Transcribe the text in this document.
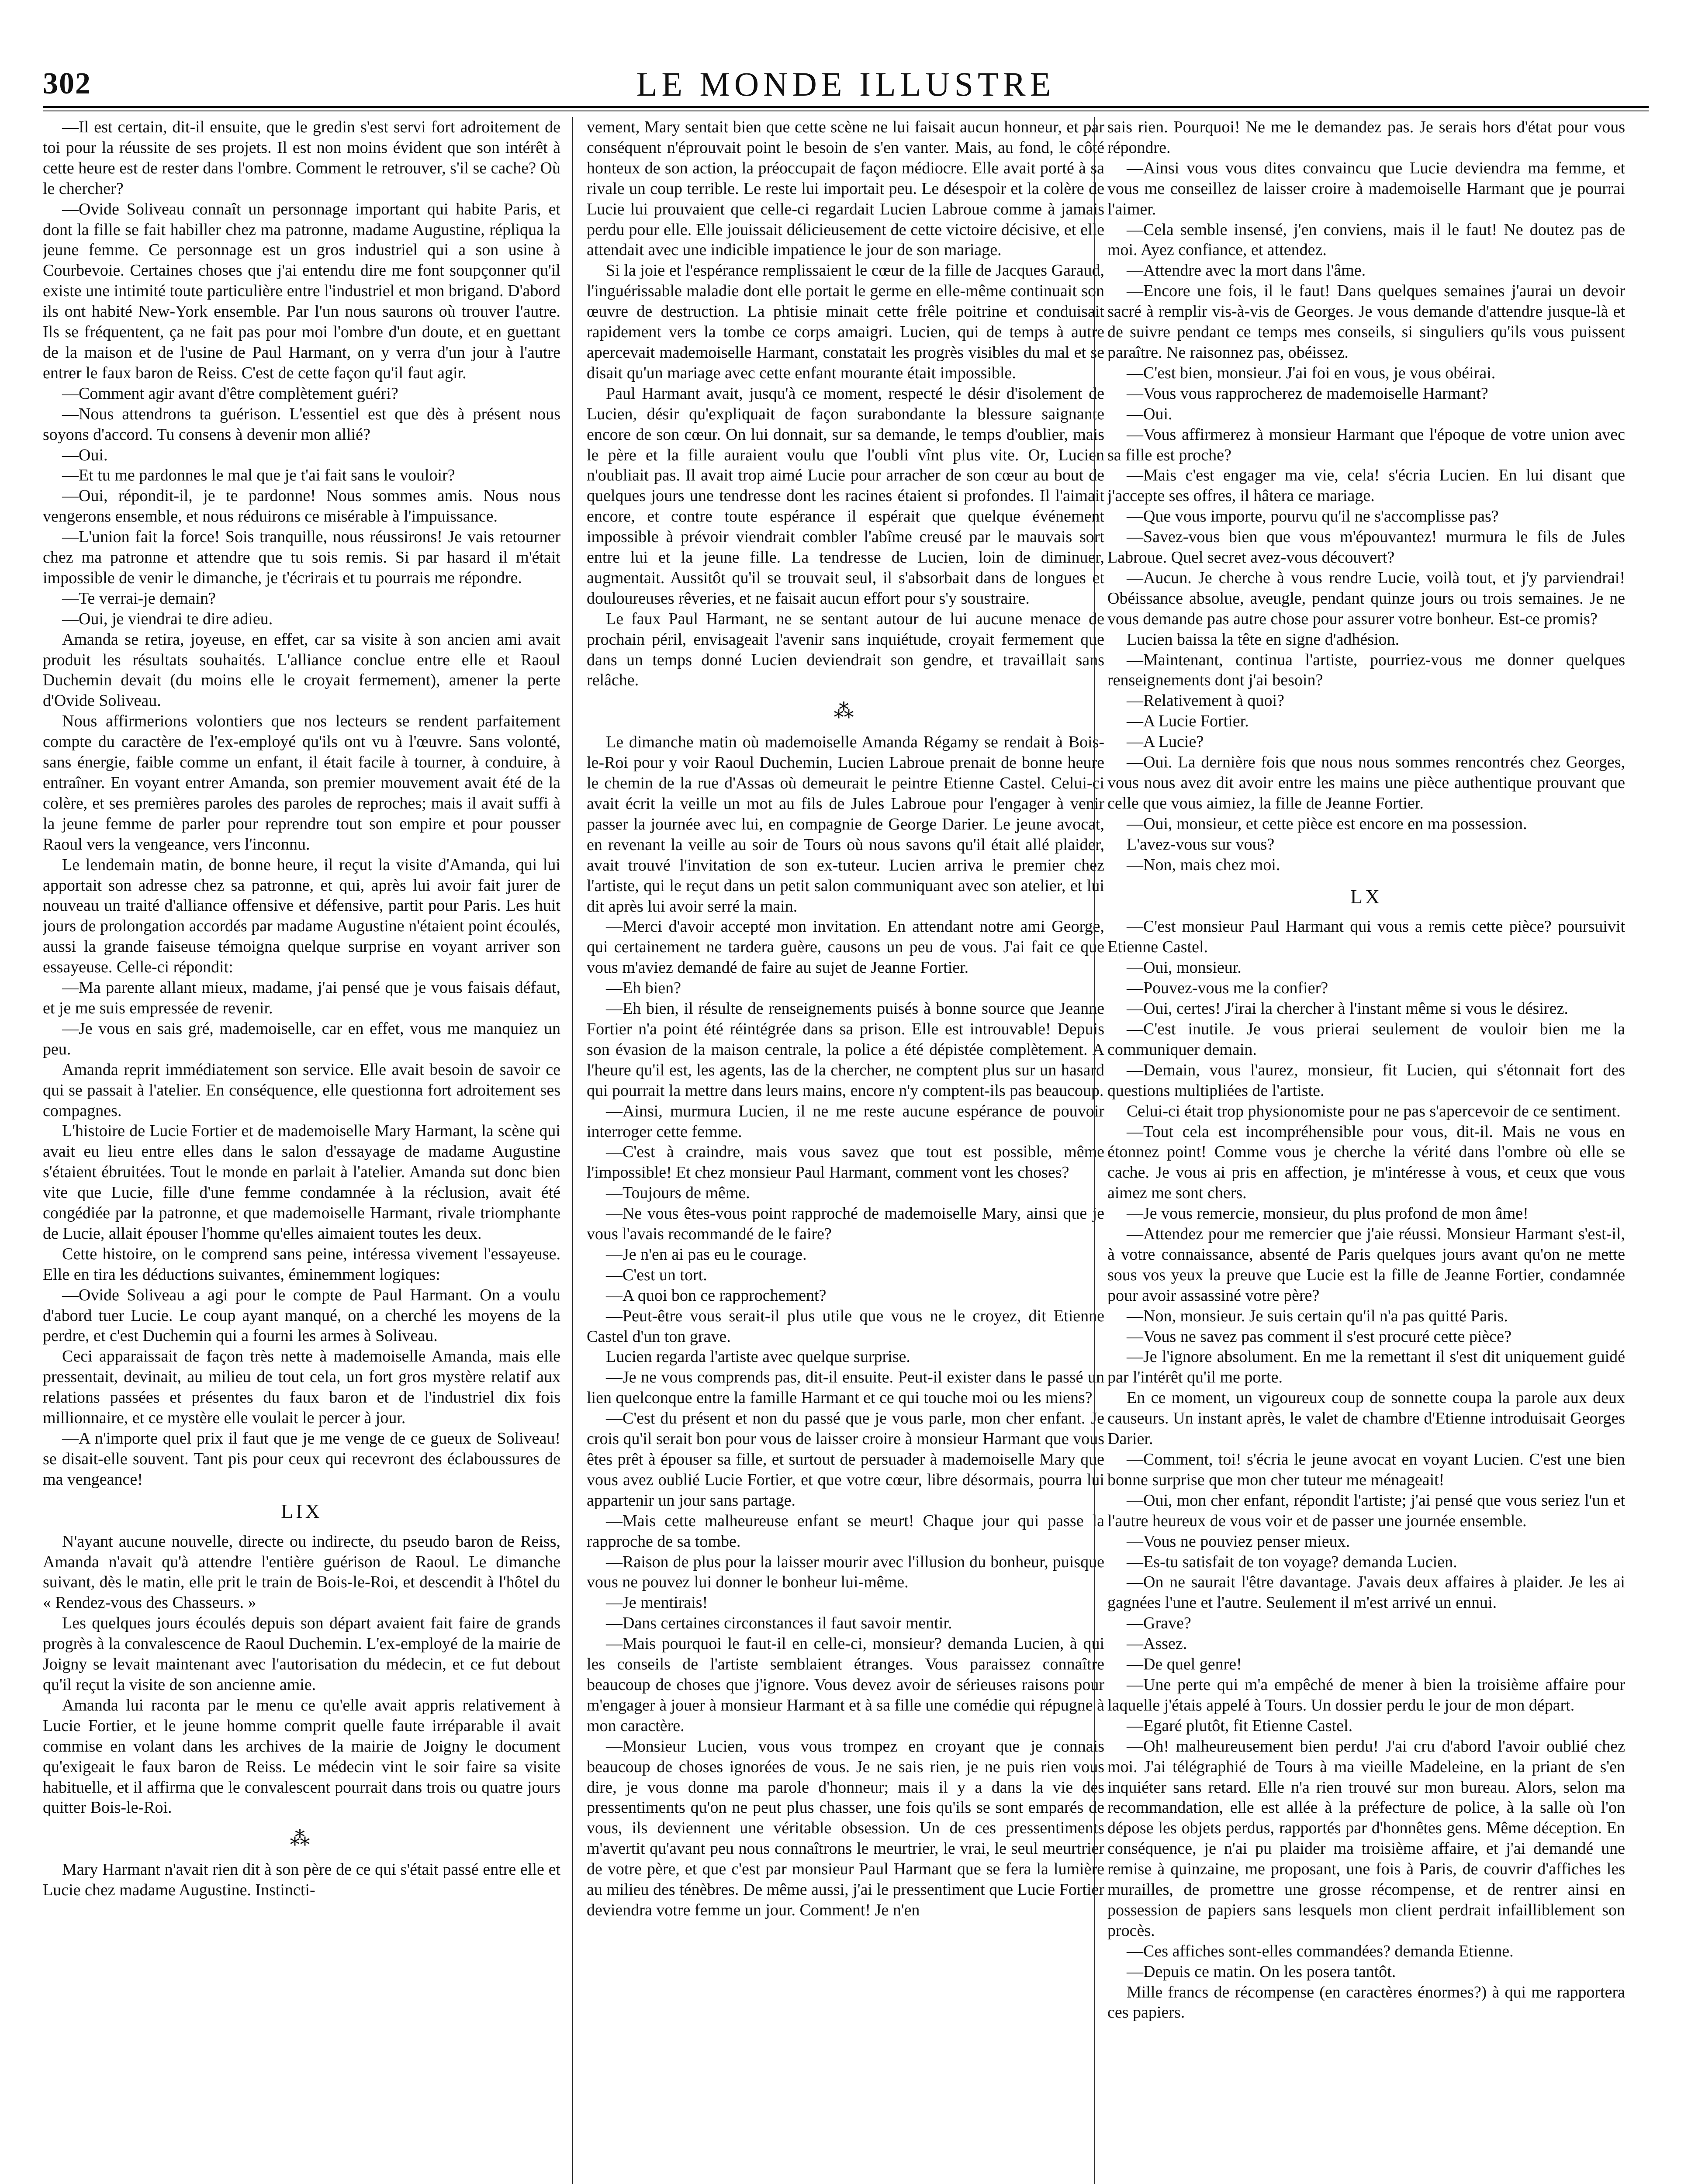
302	LE MONDE ILLUSTRE

—Il est certain, dit-il ensuite, que le gredin s'est servi fort adroitement de toi pour la réussite de ses projets. Il est non moins évident que son intérêt à cette heure est de rester dans l'ombre. Comment le retrouver, s'il se cache? Où le chercher?

—Ovide Soliveau connaît un personnage important qui habite Paris, et dont la fille se fait habiller chez ma patronne, madame Augustine, répliqua la jeune femme. Ce personnage est un gros industriel qui a son usine à Courbevoie. Certaines choses que j'ai entendu dire me font soupçonner qu'il existe une intimité toute particulière entre l'industriel et mon brigand. D'abord ils ont habité New-York ensemble. Par l'un nous saurons où trouver l'autre. Ils se fréquentent, ça ne fait pas pour moi l'ombre d'un doute, et en guettant de la maison et de l'usine de Paul Harmant, on y verra d'un jour à l'autre entrer le faux baron de Reiss. C'est de cette façon qu'il faut agir.

—Comment agir avant d'être complètement guéri?

—Nous attendrons ta guérison. L'essentiel est que dès à présent nous soyons d'accord. Tu consens à devenir mon allié?

—Oui.

—Et tu me pardonnes le mal que je t'ai fait sans le vouloir?

—Oui, répondit-il, je te pardonne! Nous sommes amis. Nous nous vengerons ensemble, et nous réduirons ce misérable à l'impuissance.

—L'union fait la force! Sois tranquille, nous réussirons! Je vais retourner chez ma patronne et attendre que tu sois remis. Si par hasard il m'était impossible de venir le dimanche, je t'écrirais et tu pourrais me répondre.

—Te verrai-je demain?

—Oui, je viendrai te dire adieu.

Amanda se retira, joyeuse, en effet, car sa visite à son ancien ami avait produit les résultats souhaités. L'alliance conclue entre elle et Raoul Duchemin devait (du moins elle le croyait fermement), amener la perte d'Ovide Soliveau.

Nous affirmerions volontiers que nos lecteurs se rendent parfaitement compte du caractère de l'ex-employé qu'ils ont vu à l'œuvre. Sans volonté, sans énergie, faible comme un enfant, il était facile à tourner, à conduire, à entraîner. En voyant entrer Amanda, son premier mouvement avait été de la colère, et ses premières paroles des paroles de reproches; mais il avait suffi à la jeune femme de parler pour reprendre tout son empire et pour pousser Raoul vers la vengeance, vers l'inconnu.

Le lendemain matin, de bonne heure, il reçut la visite d'Amanda, qui lui apportait son adresse chez sa patronne, et qui, après lui avoir fait jurer de nouveau un traité d'alliance offensive et défensive, partit pour Paris. Les huit jours de prolongation accordés par madame Augustine n'étaient point écoulés, aussi la grande faiseuse témoigna quelque surprise en voyant arriver son essayeuse. Celle-ci répondit:

—Ma parente allant mieux, madame, j'ai pensé que je vous faisais défaut, et je me suis empressée de revenir.

—Je vous en sais gré, mademoiselle, car en effet, vous me manquiez un peu.

Amanda reprit immédiatement son service. Elle avait besoin de savoir ce qui se passait à l'atelier. En conséquence, elle questionna fort adroitement ses compagnes.

L'histoire de Lucie Fortier et de mademoiselle Mary Harmant, la scène qui avait eu lieu entre elles dans le salon d'essayage de madame Augustine s'étaient ébruitées. Tout le monde en parlait à l'atelier. Amanda sut donc bien vite que Lucie, fille d'une femme condamnée à la réclusion, avait été congédiée par la patronne, et que mademoiselle Harmant, rivale triomphante de Lucie, allait épouser l'homme qu'elles aimaient toutes les deux.

Cette histoire, on le comprend sans peine, intéressa vivement l'essayeuse. Elle en tira les déductions suivantes, éminemment logiques:

—Ovide Soliveau a agi pour le compte de Paul Harmant. On a voulu d'abord tuer Lucie. Le coup ayant manqué, on a cherché les moyens de la perdre, et c'est Duchemin qui a fourni les armes à Soliveau.

Ceci apparaissait de façon très nette à mademoiselle Amanda, mais elle pressentait, devinait, au milieu de tout cela, un fort gros mystère relatif aux relations passées et présentes du faux baron et de l'industriel dix fois millionnaire, et ce mystère elle voulait le percer à jour.

—A n'importe quel prix il faut que je me venge de ce gueux de Soliveau! se disait-elle souvent. Tant pis pour ceux qui recevront des éclaboussures de ma vengeance!

LIX

N'ayant aucune nouvelle, directe ou indirecte, du pseudo baron de Reiss, Amanda n'avait qu'à attendre l'entière guérison de Raoul. Le dimanche suivant, dès le matin, elle prit le train de Bois-le-Roi, et descendit à l'hôtel du « Rendez-vous des Chasseurs. »

Les quelques jours écoulés depuis son départ avaient fait faire de grands progrès à la convalescence de Raoul Duchemin. L'ex-employé de la mairie de Joigny se levait maintenant avec l'autorisation du médecin, et ce fut debout qu'il reçut la visite de son ancienne amie.

Amanda lui raconta par le menu ce qu'elle avait appris relativement à Lucie Fortier, et le jeune homme comprit quelle faute irréparable il avait commise en volant dans les archives de la mairie de Joigny le document qu'exigeait le faux baron de Reiss. Le médecin vint le soir faire sa visite habituelle, et il affirma que le convalescent pourrait dans trois ou quatre jours quitter Bois-le-Roi.

⁂

Mary Harmant n'avait rien dit à son père de ce qui s'était passé entre elle et Lucie chez madame Augustine. Instincti-

vement, Mary sentait bien que cette scène ne lui faisait aucun honneur, et par conséquent n'éprouvait point le besoin de s'en vanter. Mais, au fond, le côté honteux de son action, la préoccupait de façon médiocre. Elle avait porté à sa rivale un coup terrible. Le reste lui importait peu. Le désespoir et la colère de Lucie lui prouvaient que celle-ci regardait Lucien Labroue comme à jamais perdu pour elle. Elle jouissait délicieusement de cette victoire décisive, et elle attendait avec une indicible impatience le jour de son mariage.

Si la joie et l'espérance remplissaient le cœur de la fille de Jacques Garaud, l'inguérissable maladie dont elle portait le germe en elle-même continuait son œuvre de destruction. La phtisie minait cette frêle poitrine et conduisait rapidement vers la tombe ce corps amaigri. Lucien, qui de temps à autre apercevait mademoiselle Harmant, constatait les progrès visibles du mal et se disait qu'un mariage avec cette enfant mourante était impossible.

Paul Harmant avait, jusqu'à ce moment, respecté le désir d'isolement de Lucien, désir qu'expliquait de façon surabondante la blessure saignante encore de son cœur. On lui donnait, sur sa demande, le temps d'oublier, mais le père et la fille auraient voulu que l'oubli vînt plus vite. Or, Lucien n'oubliait pas. Il avait trop aimé Lucie pour arracher de son cœur au bout de quelques jours une tendresse dont les racines étaient si profondes. Il l'aimait encore, et contre toute espérance il espérait que quelque événement impossible à prévoir viendrait combler l'abîme creusé par le mauvais sort entre lui et la jeune fille. La tendresse de Lucien, loin de diminuer, augmentait. Aussitôt qu'il se trouvait seul, il s'absorbait dans de longues et douloureuses rêveries, et ne faisait aucun effort pour s'y soustraire.

Le faux Paul Harmant, ne se sentant autour de lui aucune menace de prochain péril, envisageait l'avenir sans inquiétude, croyait fermement que dans un temps donné Lucien deviendrait son gendre, et travaillait sans relâche.

⁂

Le dimanche matin où mademoiselle Amanda Régamy se rendait à Bois-le-Roi pour y voir Raoul Duchemin, Lucien Labroue prenait de bonne heure le chemin de la rue d'Assas où demeurait le peintre Etienne Castel. Celui-ci avait écrit la veille un mot au fils de Jules Labroue pour l'engager à venir passer la journée avec lui, en compagnie de George Darier. Le jeune avocat, en revenant la veille au soir de Tours où nous savons qu'il était allé plaider, avait trouvé l'invitation de son ex-tuteur. Lucien arriva le premier chez l'artiste, qui le reçut dans un petit salon communiquant avec son atelier, et lui dit après lui avoir serré la main.

—Merci d'avoir accepté mon invitation. En attendant notre ami George, qui certainement ne tardera guère, causons un peu de vous. J'ai fait ce que vous m'aviez demandé de faire au sujet de Jeanne Fortier.

—Eh bien?

—Eh bien, il résulte de renseignements puisés à bonne source que Jeanne Fortier n'a point été réintégrée dans sa prison. Elle est introuvable! Depuis son évasion de la maison centrale, la police a été dépistée complètement. A l'heure qu'il est, les agents, las de la chercher, ne comptent plus sur un hasard qui pourrait la mettre dans leurs mains, encore n'y comptent-ils pas beaucoup.

—Ainsi, murmura Lucien, il ne me reste aucune espérance de pouvoir interroger cette femme.

—C'est à craindre, mais vous savez que tout est possible, même l'impossible! Et chez monsieur Paul Harmant, comment vont les choses?

—Toujours de même.

—Ne vous êtes-vous point rapproché de mademoiselle Mary, ainsi que je vous l'avais recommandé de le faire?

—Je n'en ai pas eu le courage.

—C'est un tort.

—A quoi bon ce rapprochement?

—Peut-être vous serait-il plus utile que vous ne le croyez, dit Etienne Castel d'un ton grave.

Lucien regarda l'artiste avec quelque surprise.

—Je ne vous comprends pas, dit-il ensuite. Peut-il exister dans le passé un lien quelconque entre la famille Harmant et ce qui touche moi ou les miens?

—C'est du présent et non du passé que je vous parle, mon cher enfant. Je crois qu'il serait bon pour vous de laisser croire à monsieur Harmant que vous êtes prêt à épouser sa fille, et surtout de persuader à mademoiselle Mary que vous avez oublié Lucie Fortier, et que votre cœur, libre désormais, pourra lui appartenir un jour sans partage.

—Mais cette malheureuse enfant se meurt! Chaque jour qui passe la rapproche de sa tombe.

—Raison de plus pour la laisser mourir avec l'illusion du bonheur, puisque vous ne pouvez lui donner le bonheur lui-même.

—Je mentirais!

—Dans certaines circonstances il faut savoir mentir.

—Mais pourquoi le faut-il en celle-ci, monsieur? demanda Lucien, à qui les conseils de l'artiste semblaient étranges. Vous paraissez connaître beaucoup de choses que j'ignore. Vous devez avoir de sérieuses raisons pour m'engager à jouer à monsieur Harmant et à sa fille une comédie qui répugne à mon caractère.

—Monsieur Lucien, vous vous trompez en croyant que je connais beaucoup de choses ignorées de vous. Je ne sais rien, je ne puis rien vous dire, je vous donne ma parole d'honneur; mais il y a dans la vie des pressentiments qu'on ne peut plus chasser, une fois qu'ils se sont emparés de vous, ils deviennent une véritable obsession. Un de ces pressentiments m'avertit qu'avant peu nous connaîtrons le meurtrier, le vrai, le seul meurtrier de votre père, et que c'est par monsieur Paul Harmant que se fera la lumière au milieu des ténèbres. De même aussi, j'ai le pressentiment que Lucie Fortier deviendra votre femme un jour. Comment! Je n'en

sais rien. Pourquoi! Ne me le demandez pas. Je serais hors d'état pour vous répondre.

—Ainsi vous vous dites convaincu que Lucie deviendra ma femme, et vous me conseillez de laisser croire à mademoiselle Harmant que je pourrai l'aimer.

—Cela semble insensé, j'en conviens, mais il le faut! Ne doutez pas de moi. Ayez confiance, et attendez.

—Attendre avec la mort dans l'âme.

—Encore une fois, il le faut! Dans quelques semaines j'aurai un devoir sacré à remplir vis-à-vis de Georges. Je vous demande d'attendre jusque-là et de suivre pendant ce temps mes conseils, si singuliers qu'ils vous puissent paraître. Ne raisonnez pas, obéissez.

—C'est bien, monsieur. J'ai foi en vous, je vous obéirai.

—Vous vous rapprocherez de mademoiselle Harmant?

—Oui.

—Vous affirmerez à monsieur Harmant que l'époque de votre union avec sa fille est proche?

—Mais c'est engager ma vie, cela! s'écria Lucien. En lui disant que j'accepte ses offres, il hâtera ce mariage.

—Que vous importe, pourvu qu'il ne s'accomplisse pas?

—Savez-vous bien que vous m'épouvantez! murmura le fils de Jules Labroue. Quel secret avez-vous découvert?

—Aucun. Je cherche à vous rendre Lucie, voilà tout, et j'y parviendrai! Obéissance absolue, aveugle, pendant quinze jours ou trois semaines. Je ne vous demande pas autre chose pour assurer votre bonheur. Est-ce promis?

Lucien baissa la tête en signe d'adhésion.

—Maintenant, continua l'artiste, pourriez-vous me donner quelques renseignements dont j'ai besoin?

—Relativement à quoi?

—A Lucie Fortier.

—A Lucie?

—Oui. La dernière fois que nous nous sommes rencontrés chez Georges, vous nous avez dit avoir entre les mains une pièce authentique prouvant que celle que vous aimiez, la fille de Jeanne Fortier.

—Oui, monsieur, et cette pièce est encore en ma possession.

L'avez-vous sur vous?

—Non, mais chez moi.

LX

—C'est monsieur Paul Harmant qui vous a remis cette pièce? poursuivit Etienne Castel.

—Oui, monsieur.

—Pouvez-vous me la confier?

—Oui, certes! J'irai la chercher à l'instant même si vous le désirez.

—C'est inutile. Je vous prierai seulement de vouloir bien me la communiquer demain.

—Demain, vous l'aurez, monsieur, fit Lucien, qui s'étonnait fort des questions multipliées de l'artiste.

Celui-ci était trop physionomiste pour ne pas s'apercevoir de ce sentiment.

—Tout cela est incompréhensible pour vous, dit-il. Mais ne vous en étonnez point! Comme vous je cherche la vérité dans l'ombre où elle se cache. Je vous ai pris en affection, je m'intéresse à vous, et ceux que vous aimez me sont chers.

—Je vous remercie, monsieur, du plus profond de mon âme!

—Attendez pour me remercier que j'aie réussi. Monsieur Harmant s'est-il, à votre connaissance, absenté de Paris quelques jours avant qu'on ne mette sous vos yeux la preuve que Lucie est la fille de Jeanne Fortier, condamnée pour avoir assassiné votre père?

—Non, monsieur. Je suis certain qu'il n'a pas quitté Paris.

—Vous ne savez pas comment il s'est procuré cette pièce?

—Je l'ignore absolument. En me la remettant il s'est dit uniquement guidé par l'intérêt qu'il me porte.

En ce moment, un vigoureux coup de sonnette coupa la parole aux deux causeurs. Un instant après, le valet de chambre d'Etienne introduisait Georges Darier.

—Comment, toi! s'écria le jeune avocat en voyant Lucien. C'est une bien bonne surprise que mon cher tuteur me ménageait!

—Oui, mon cher enfant, répondit l'artiste; j'ai pensé que vous seriez l'un et l'autre heureux de vous voir et de passer une journée ensemble.

—Vous ne pouviez penser mieux.

—Es-tu satisfait de ton voyage? demanda Lucien.

—On ne saurait l'être davantage. J'avais deux affaires à plaider. Je les ai gagnées l'une et l'autre. Seulement il m'est arrivé un ennui.

—Grave?

—Assez.

—De quel genre!

—Une perte qui m'a empêché de mener à bien la troisième affaire pour laquelle j'étais appelé à Tours. Un dossier perdu le jour de mon départ.

—Egaré plutôt, fit Etienne Castel.

—Oh! malheureusement bien perdu! J'ai cru d'abord l'avoir oublié chez moi. J'ai télégraphié de Tours à ma vieille Madeleine, en la priant de s'en inquiéter sans retard. Elle n'a rien trouvé sur mon bureau. Alors, selon ma recommandation, elle est allée à la préfecture de police, à la salle où l'on dépose les objets perdus, rapportés par d'honnêtes gens. Même déception. En conséquence, je n'ai pu plaider ma troisième affaire, et j'ai demandé une remise à quinzaine, me proposant, une fois à Paris, de couvrir d'affiches les murailles, de promettre une grosse récompense, et de rentrer ainsi en possession de papiers sans lesquels mon client perdrait infailliblement son procès.

—Ces affiches sont-elles commandées? demanda Etienne.

—Depuis ce matin. On les posera tantôt.

Mille francs de récompense (en caractères énormes?) à qui me rapportera ces papiers.
